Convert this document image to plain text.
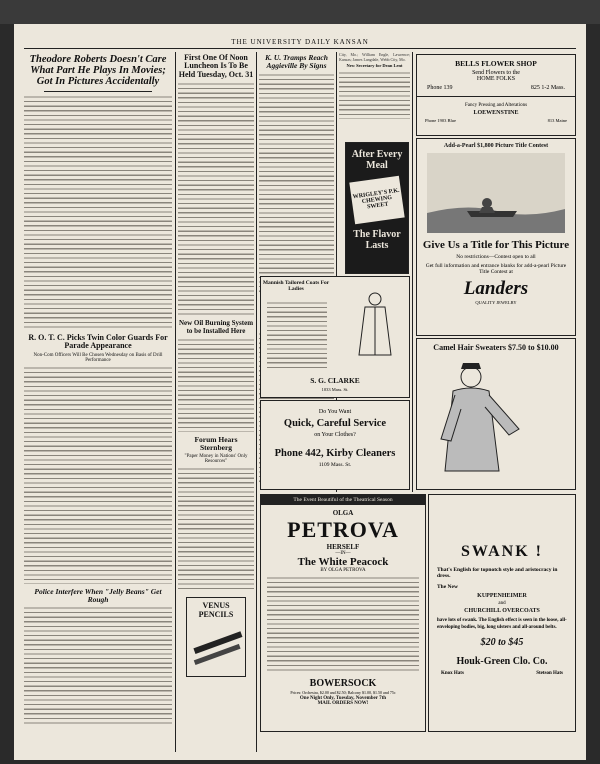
THE UNIVERSITY DAILY KANSAN
Theodore Roberts Doesn't Care What Part He Plays In Movies; Got In Pictures Accidentally
R. O. T. C. Picks Twin Color Guards For Parade Appearance
Non-Com Officers Will Be Chosen Wednesday on Basis of Drill Performance
Police Interfere When "Jelly Beans" Get Rough
First One Of Noon Luncheon Is To Be Held Tuesday, Oct. 31
New Oil Burning System to be Installed Here
Forum Hears Sternberg
"Paper Money in Nations' Only Resources"
VENUS PENCILS
K. U. Tramps Reach Aggieville By Signs
City, Mo.; William Engle, Lawrence; Kansas; James Langdale, Webb City, Mo.
New Secretary for Dean Lent
After Every Meal
WRIGLEY'S P.K. CHEWING SWEET
The Flavor Lasts
Mannish Tailored Coats For Ladies
S. G. CLARKE
1033 Mass. St.
Do You Want
Quick, Careful Service
on Your Clothes?
Phone 442, Kirby Cleaners
1109 Mass. St.
BELLS FLOWER SHOP
Send Flowers to the
HOME FOLKS
Phone 139	825 1-2 Mass.
Fancy Pressing and Alterations
LOEWENSTINE
Phone 1903 Blue	813 Maine
Add-a-Pearl $1,800 Picture Title Contest
Give Us a Title for This Picture
No restrictions—Contest open to all
Get full information and entrance blanks for add-a-pearl Picture Title Contest at
Landers
QUALITY JEWELRY
Camel Hair Sweaters $7.50 to $10.00
The Event Beautiful of the Theatrical Season
OLGA
PETROVA
HERSELF
—IN—
The White Peacock
BY OLGA PETROVA
BOWERSOCK
Prices: Orchestra, $2.00 and $2.50; Balcony $1.00, $1.50 and 75c
One Night Only, Tuesday, November 7th
MAIL ORDERS NOW!
SWANK !
That's English for topnotch style and aristocracy in dress.
The New
KUPPENHEIMER
and
CHURCHILL OVERCOATS
have lots of swank. The English effect is seen in the loose, all-enveloping bodies, big, long ulsters and all-around belts.
$20 to $45
Houk-Green Clo. Co.
Knox Hats	Stetson Hats
